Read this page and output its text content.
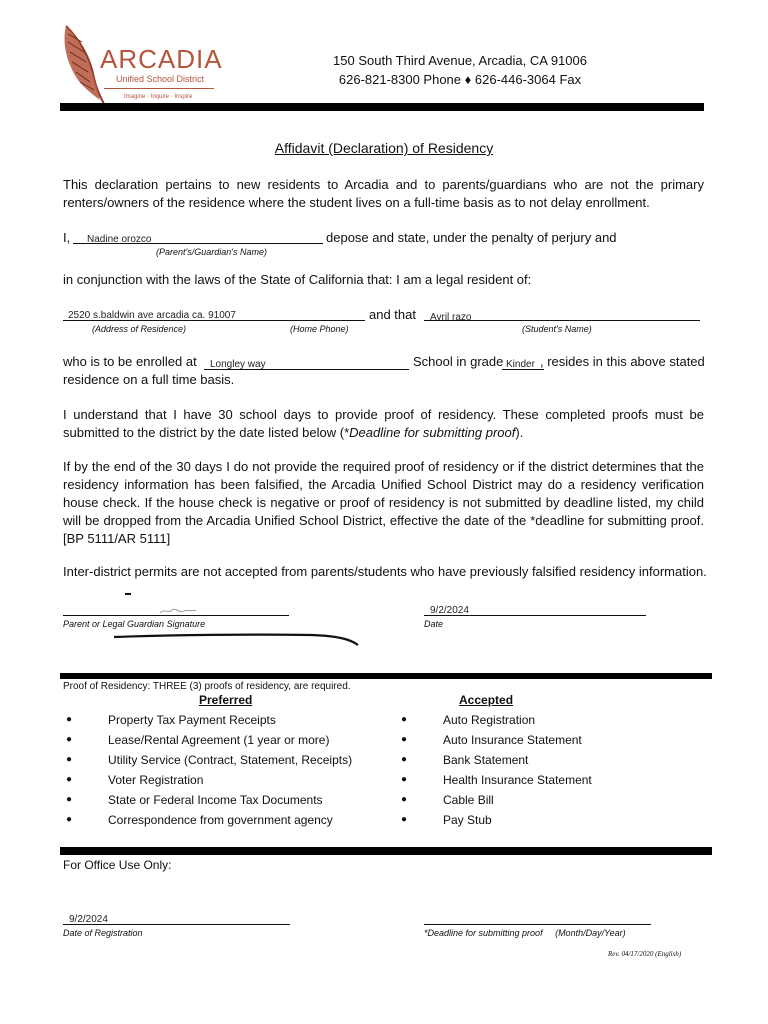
ARCADIA
Unified School District
Imagine · Inquire · Inspire
150 South Third Avenue, Arcadia, CA 91006
626-821-8300 Phone ♦ 626-446-3064 Fax
Affidavit (Declaration) of Residency
This declaration pertains to new residents to Arcadia and to parents/guardians who are not the primary renters/owners of the residence where the student lives on a full-time basis as to not delay enrollment.
I, Nadine orozco	depose and state, under the penalty of perjury and
(Parent's/Guardian's Name)
in conjunction with the laws of the State of California that: I am a legal resident of:
2520 s.baldwin ave arcadia ca. 91007	and that Avril razo
(Address of Residence)	(Home Phone)	(Student's Name)
who is to be enrolled at Longley way	School in grade Kinder , resides in this above stated
residence on a full time basis.
I understand that I have 30 school days to provide proof of residency. These completed proofs must be submitted to the district by the date listed below (*Deadline for submitting proof).
If by the end of the 30 days I do not provide the required proof of residency or if the district determines that the residency information has been falsified, the Arcadia Unified School District may do a residency verification house check. If the house check is negative or proof of residency is not submitted by deadline listed, my child will be dropped from the Arcadia Unified School District, effective the date of the *deadline for submitting proof. [BP 5111/AR 5111]
Inter-district permits are not accepted from parents/students who have previously falsified residency information.
Parent or Legal Guardian Signature
9/2/2024
Date
Proof of Residency: THREE (3) proofs of residency, are required.
Preferred
● Property Tax Payment Receipts
● Lease/Rental Agreement (1 year or more)
● Utility Service (Contract, Statement, Receipts)
● Voter Registration
● State or Federal Income Tax Documents
● Correspondence from government agency
Accepted
● Auto Registration
● Auto Insurance Statement
● Bank Statement
● Health Insurance Statement
● Cable Bill
● Pay Stub
For Office Use Only:
9/2/2024
Date of Registration	*Deadline for submitting proof     (Month/Day/Year)
Rev. 04/17/2020 (English)
